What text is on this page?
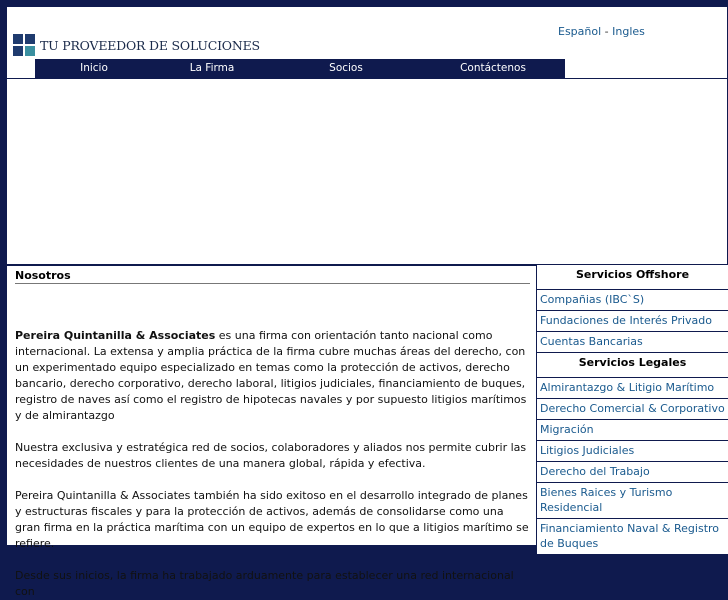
TU PROVEEDOR DE SOLUCIONES
Español - Ingles
Inicio	La Firma	Socios	Contáctenos
Nosotros

Pereira Quintanilla & Associates es una firma con orientación tanto nacional como internacional. La extensa y amplia práctica de la firma cubre muchas áreas del derecho, con un experimentado equipo especializado en temas como la protección de activos, derecho bancario, derecho corporativo, derecho laboral, litigios judiciales, financiamiento de buques, registro de naves así como el registro de hipotecas navales y por supuesto litigios marítimos y de almirantazgo

Nuestra exclusiva y estratégica red de socios, colaboradores y aliados nos permite cubrir las necesidades de nuestros clientes de una manera global, rápida y efectiva.

Pereira Quintanilla & Associates también ha sido exitoso en el desarrollo integrado de planes y estructuras fiscales y para la protección de activos, además de consolidarse como una gran firma en la práctica marítima con un equipo de expertos en lo que a litigios marítimo se refiere.

Desde sus inicios, la firma ha trabajado arduamente para establecer una red internacional con

Servicios Offshore
Compañias (IBC`S)
Fundaciones de Interés Privado
Cuentas Bancarias
Servicios Legales
Almirantazgo & Litigio Marítimo
Derecho Comercial & Corporativo
Migración
Litigios Judiciales
Derecho del Trabajo
Bienes Raices y Turismo Residencial
Financiamiento Naval & Registro de Buques
